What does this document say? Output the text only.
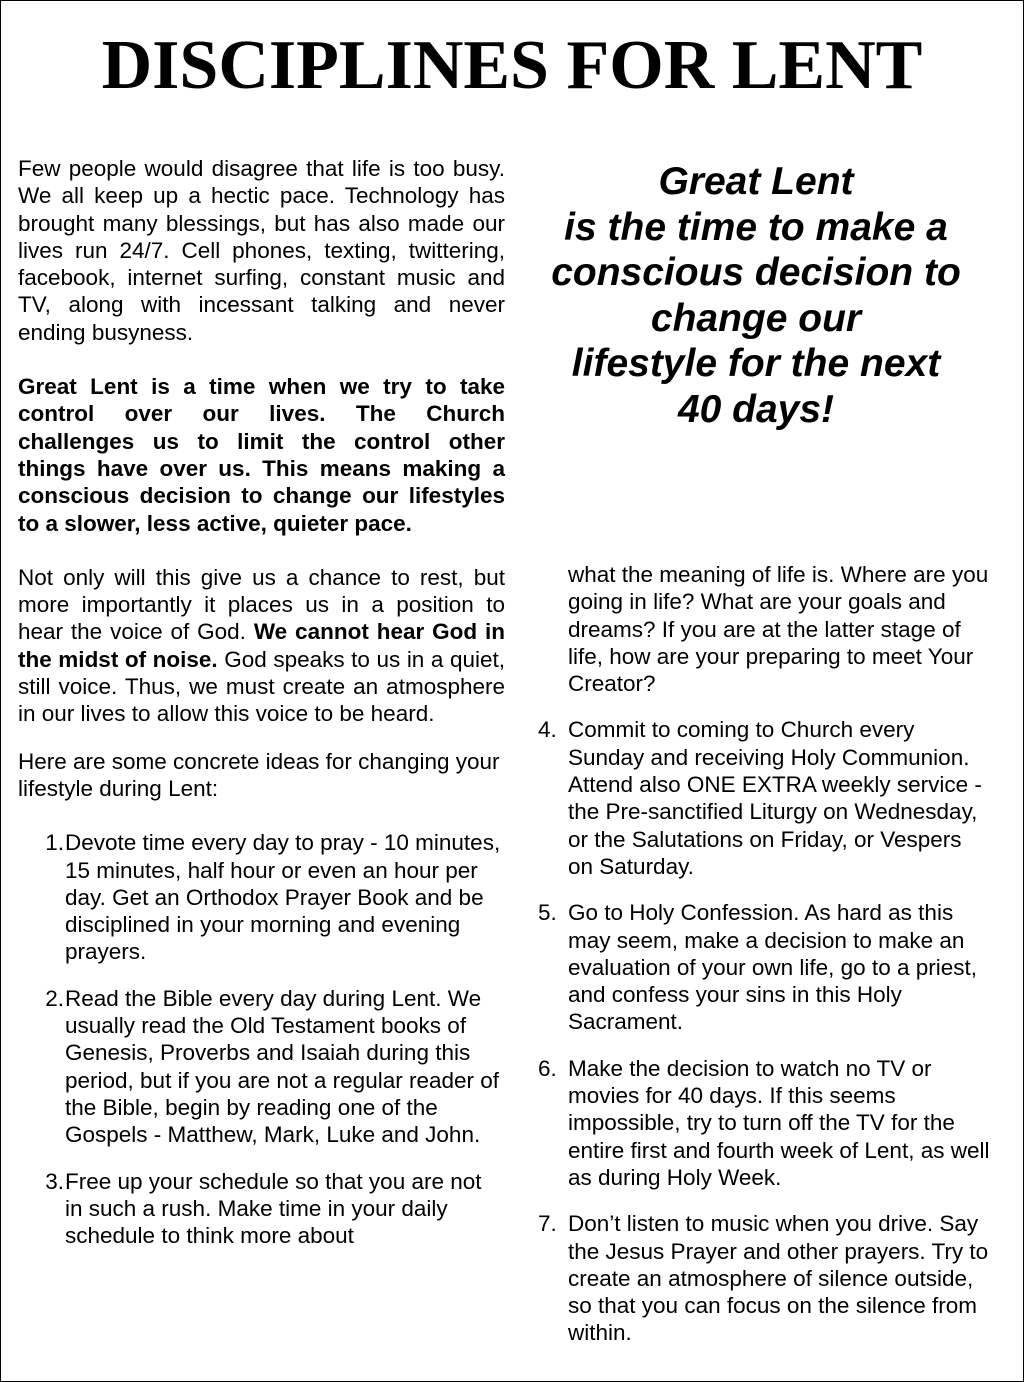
DISCIPLINES FOR LENT
Great Lent
is the time to make a
conscious decision to
change our
lifestyle for the next
40 days!

Few people would disagree that life is too busy. We all keep up a hectic pace. Technology has brought many blessings, but has also made our lives run 24/7. Cell phones, texting, twittering, facebook, internet surfing, constant music and TV, along with incessant talking and never ending busyness.

Great Lent is a time when we try to take control over our lives. The Church challenges us to limit the control other things have over us. This means making a conscious decision to change our lifestyles to a slower, less active, quieter pace.

Not only will this give us a chance to rest, but more importantly it places us in a position to hear the voice of God. We cannot hear God in the midst of noise. God speaks to us in a quiet, still voice. Thus, we must create an atmosphere in our lives to allow this voice to be heard.

Here are some concrete ideas for changing your lifestyle during Lent:

1. Devote time every day to pray - 10 minutes, 15 minutes, half hour or even an hour per day. Get an Orthodox Prayer Book and be disciplined in your morning and evening prayers.
2. Read the Bible every day during Lent. We usually read the Old Testament books of Genesis, Proverbs and Isaiah during this period, but if you are not a regular reader of the Bible, begin by reading one of the Gospels - Matthew, Mark, Luke and John.
3. Free up your schedule so that you are not in such a rush. Make time in your daily schedule to think more about
what the meaning of life is. Where are you going in life? What are your goals and dreams? If you are at the latter stage of life, how are your preparing to meet Your Creator?
4. Commit to coming to Church every Sunday and receiving Holy Communion. Attend also ONE EXTRA weekly service - the Pre-sanctified Liturgy on Wednesday, or the Salutations on Friday, or Vespers on Saturday.
5. Go to Holy Confession. As hard as this may seem, make a decision to make an evaluation of your own life, go to a priest, and confess your sins in this Holy Sacrament.
6. Make the decision to watch no TV or movies for 40 days. If this seems impossible, try to turn off the TV for the entire first and fourth week of Lent, as well as during Holy Week.
7. Don’t listen to music when you drive. Say the Jesus Prayer and other prayers. Try to create an atmosphere of silence outside, so that you can focus on the silence from within.
